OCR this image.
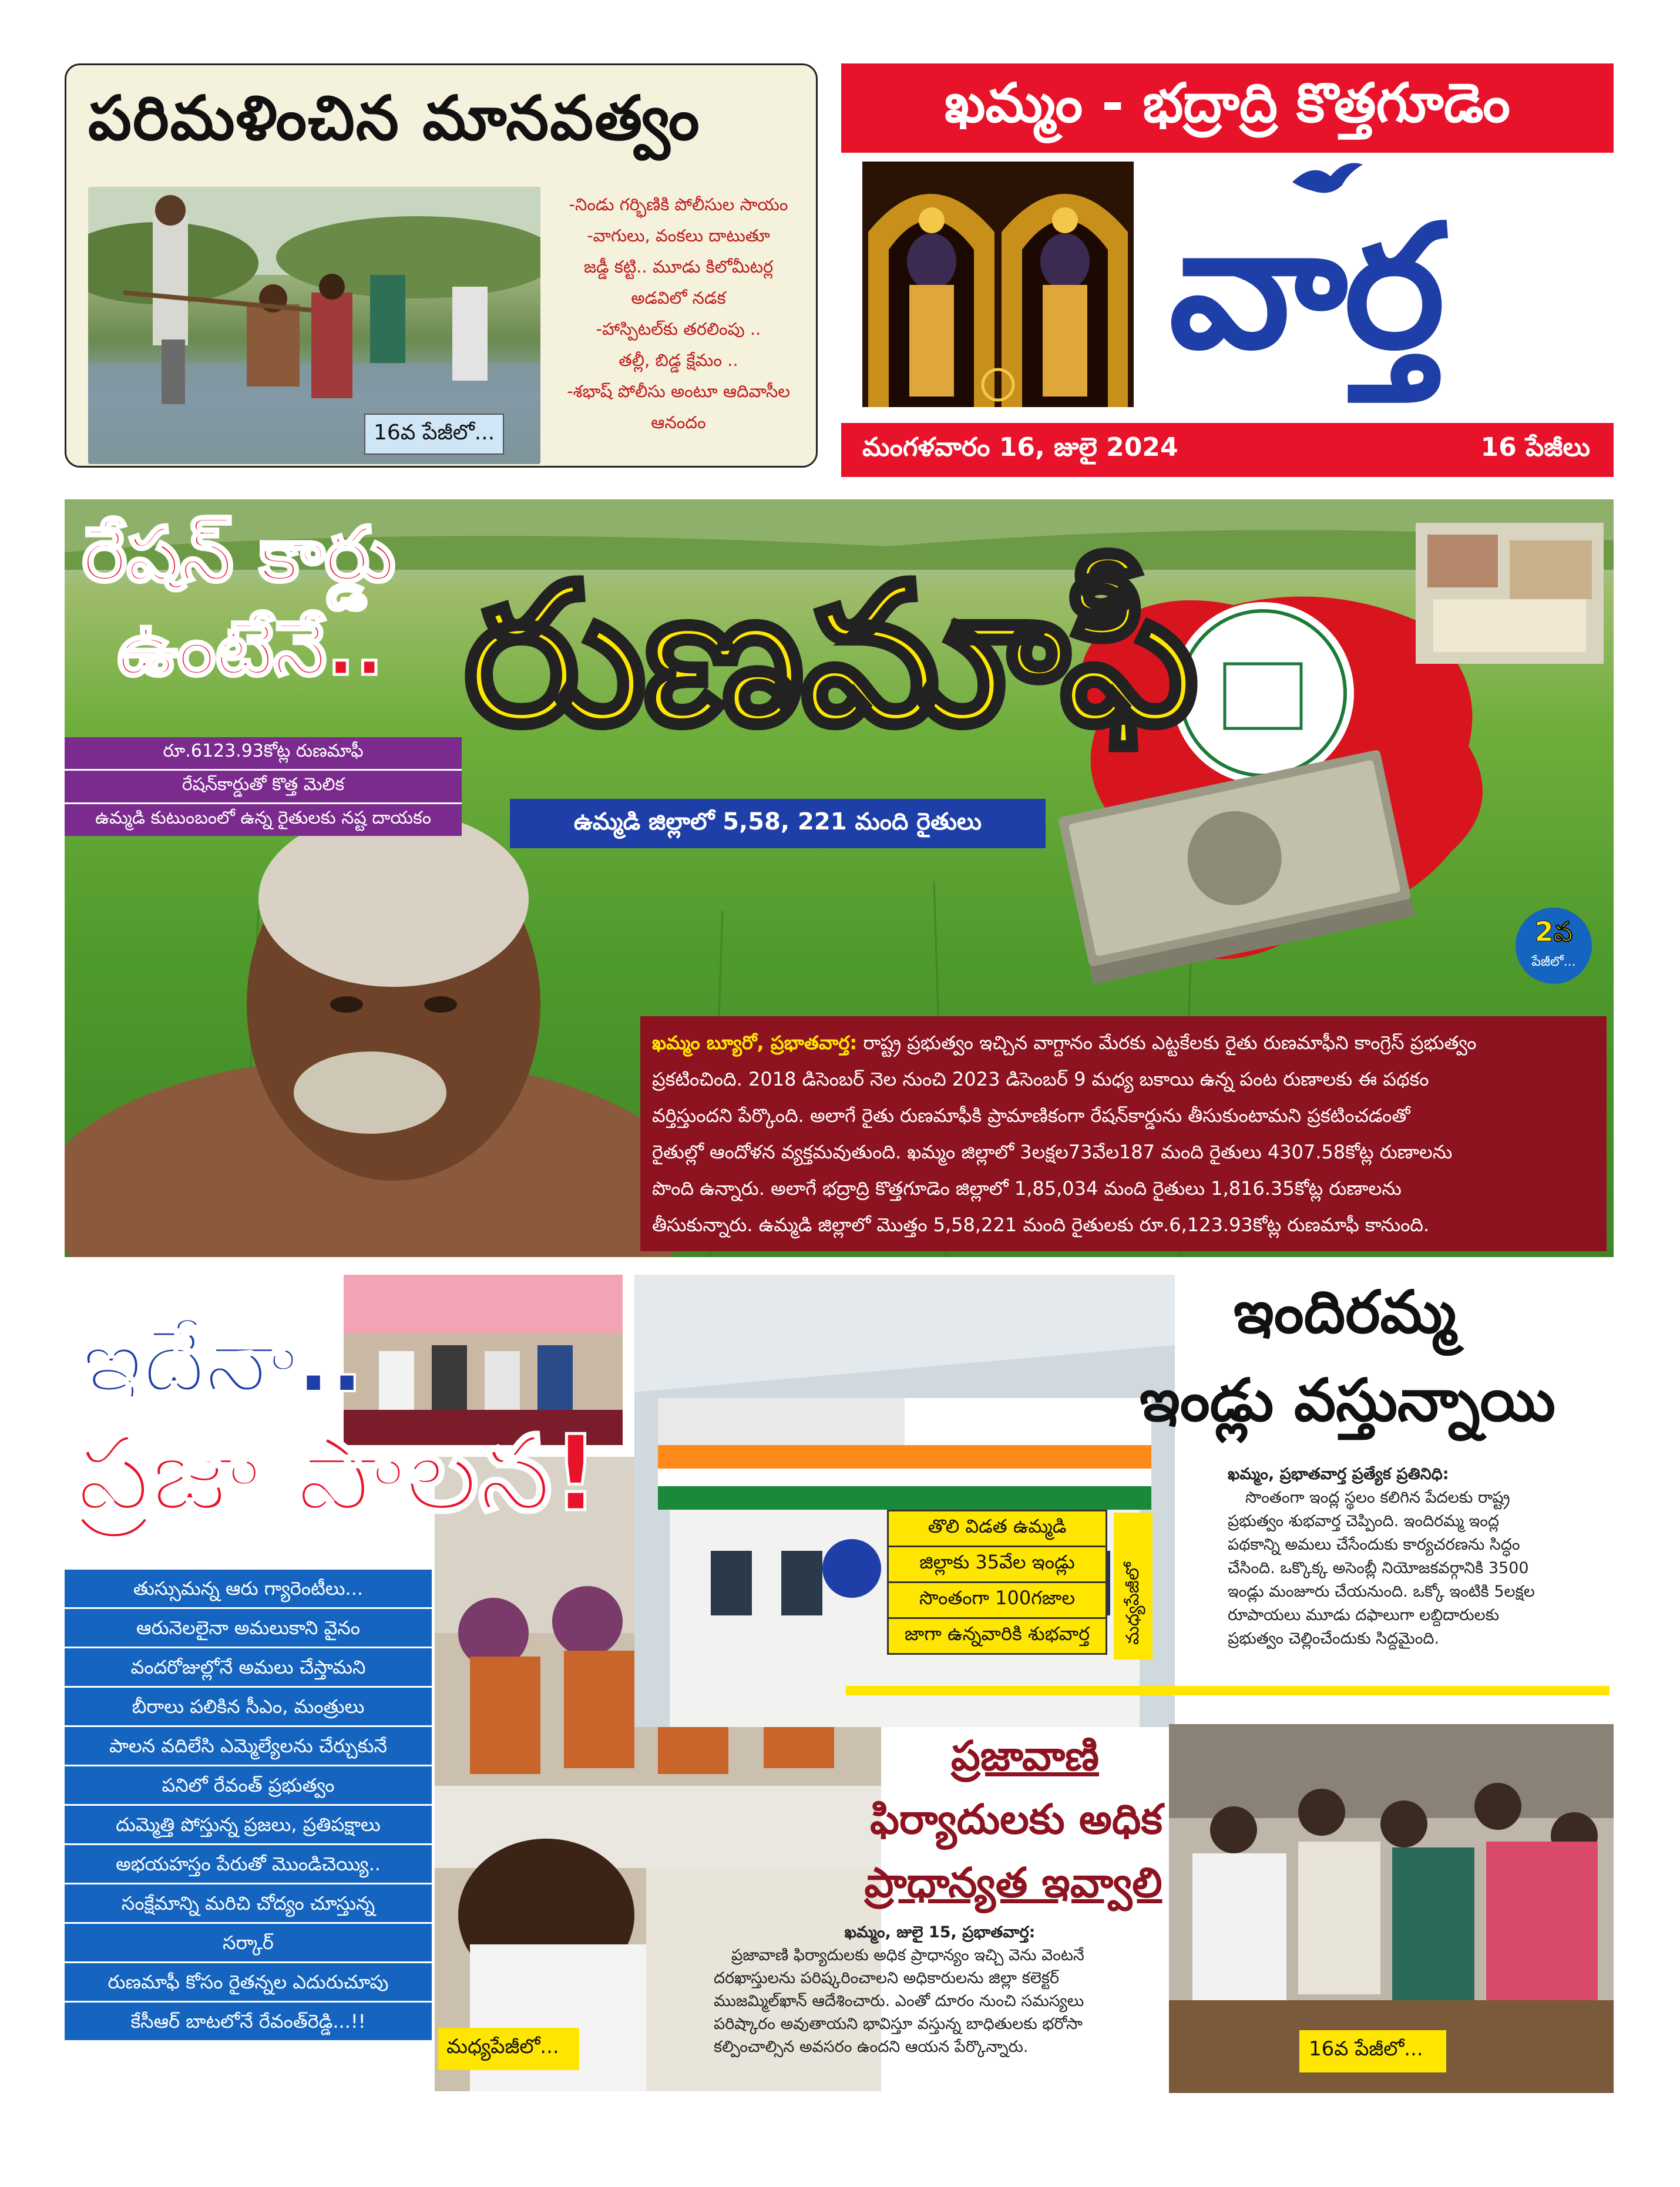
పరిమళించిన మానవత్వం
16వ పేజీలో...
-నిండు గర్భిణికి పోలీసుల సాయం
-వాగులు, వంకలు దాటుతూ
జడ్డీ కట్టి.. మూడు కిలోమీటర్ల
అడవిలో నడక
-హాస్పిటల్‌కు తరలింపు ..
తల్లీ, బిడ్డ క్షేమం ..
-శభాష్ పోలీసు అంటూ ఆదివాసీల
ఆనందం
ఖమ్మం - భద్రాద్రి కొత్తగూడెం
వార్త
మంగళవారం 16, జులై 2024	16 పేజీలు
రేషన్ కార్డు
ఉంటేనే.. రుణమాఫీ
రూ.6123.93కోట్ల రుణమాఫీ
రేషన్‌కార్డుతో కొత్త మెలిక
ఉమ్మడి కుటుంబంలో ఉన్న రైతులకు నష్ట దాయకం	ఉమ్మడి జిల్లాలో 5,58, 221 మంది రైతులు
2వ
పేజీలో...
ఖమ్మం బ్యూరో, ప్రభాతవార్త: రాష్ట్ర ప్రభుత్వం ఇచ్చిన వాగ్దానం మేరకు ఎట్టకేలకు రైతు రుణమాఫీని కాంగ్రెస్ ప్రభుత్వం
ప్రకటించింది. 2018 డిసెంబర్ నెల నుంచి 2023 డిసెంబర్ 9 మధ్య బకాయి ఉన్న పంట రుణాలకు ఈ పథకం
వర్తిస్తుందని పేర్కొంది. అలాగే రైతు రుణమాఫీకి ప్రామాణికంగా రేషన్‌కార్డును తీసుకుంటామని ప్రకటించడంతో
రైతుల్లో ఆందోళన వ్యక్తమవుతుంది. ఖమ్మం జిల్లాలో 3లక్షల73వేల187 మంది రైతులు 4307.58కోట్ల రుణాలను
పొంది ఉన్నారు. అలాగే భద్రాద్రి కొత్తగూడెం జిల్లాలో 1,85,034 మంది రైతులు 1,816.35కోట్ల రుణాలను
తీసుకున్నారు. ఉమ్మడి జిల్లాలో మొత్తం 5,58,221 మంది రైతులకు రూ.6,123.93కోట్ల రుణమాఫీ కానుంది.
ఇదేనా..
ప్రజా పాలన!
తుస్సుమన్న ఆరు గ్యారెంటీలు...
ఆరునెలలైనా అమలుకాని వైనం
వందరోజుల్లోనే అమలు చేస్తామని
బీరాలు పలికిన సీఎం, మంత్రులు
పాలన వదిలేసి ఎమ్మెల్యేలను చేర్చుకునే
పనిలో రేవంత్ ప్రభుత్వం
దుమ్మెత్తి పోస్తున్న ప్రజలు, ప్రతిపక్షాలు
అభయహస్తం పేరుతో మొండిచెయ్యి..
సంక్షేమాన్ని మరిచి చోద్యం చూస్తున్న
సర్కార్
రుణమాఫీ కోసం రైతన్నల ఎదురుచూపు
కేసీఆర్ బాటలోనే రేవంత్‌రెడ్డి...!!
మధ్యపేజీలో...
తొలి విడత ఉమ్మడి
జిల్లాకు 35వేల ఇండ్లు
సొంతంగా 100గజాల
జాగా ఉన్నవారికి శుభవార్త	మధ్యపేజీలో
ఇందిరమ్మ
ఇండ్లు వస్తున్నాయి
ఖమ్మం, ప్రభాతవార్త ప్రత్యేక ప్రతినిధి:
సొంతంగా ఇంద్ల స్థలం కలిగిన పేదలకు రాష్ట్ర
ప్రభుత్వం శుభవార్త చెప్పింది. ఇందిరమ్మ ఇంద్ల
పథకాన్ని అమలు చేసేందుకు కార్యచరణను సిద్ధం
చేసింది. ఒక్కొక్క అసెంబ్లీ నియోజకవర్గానికి 3500
ఇండ్లు మంజూరు చేయనుంది. ఒక్కో ఇంటికి 5లక్షల
రూపాయలు మూడు దఫాలుగా లబ్దిదారులకు
ప్రభుత్వం చెల్లించేందుకు సిద్దమైంది.
ప్రజావాణి
ఫిర్యాదులకు అధిక
ప్రాధాన్యత ఇవ్వాలి
ఖమ్మం, జులై 15, ప్రభాతవార్త:
ప్రజావాణి ఫిర్యాదులకు అధిక ప్రాధాన్యం ఇచ్చి వెను వెంటనే
దరఖాస్తులను పరిష్కరించాలని అధికారులను జిల్లా కలెక్టర్
ముజమ్మిల్‌ఖాన్ ఆదేశించారు. ఎంతో దూరం నుంచి సమస్యలు
పరిష్కారం అవుతాయని భావిస్తూ వస్తున్న బాధితులకు భరోసా
కల్పించాల్సిన అవసరం ఉందని ఆయన పేర్కొన్నారు.	16వ పేజీలో...
